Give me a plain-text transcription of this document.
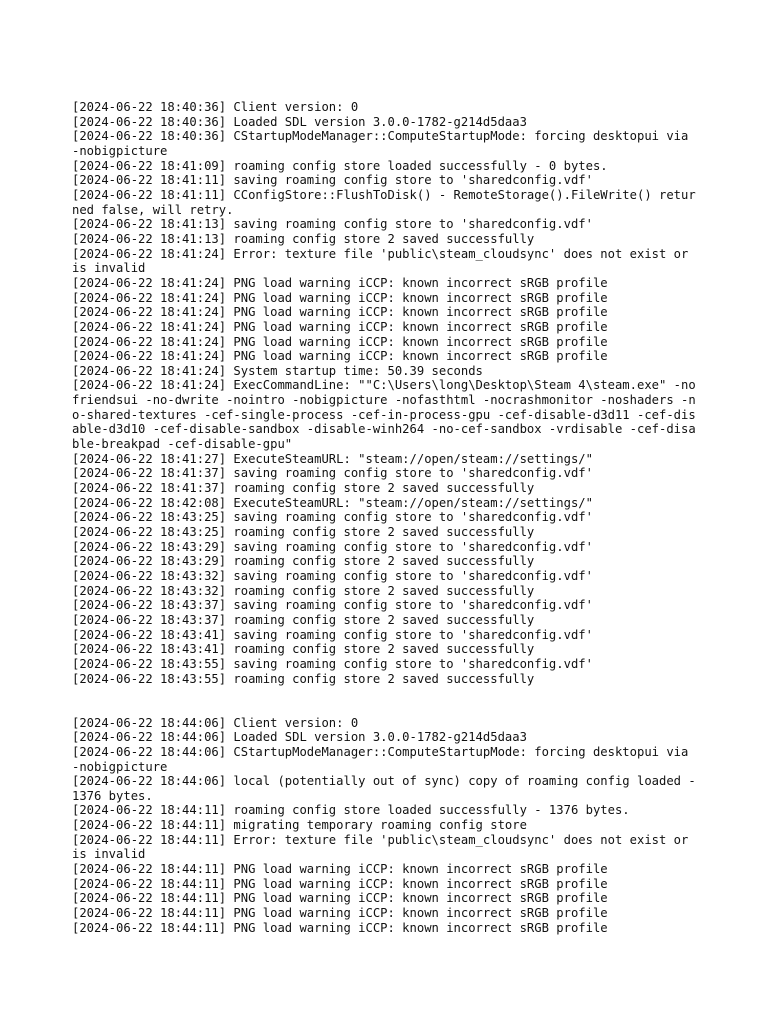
[2024-06-22 18:40:36] Client version: 0
[2024-06-22 18:40:36] Loaded SDL version 3.0.0-1782-g214d5daa3
[2024-06-22 18:40:36] CStartupModeManager::ComputeStartupMode: forcing desktopui via -nobigpicture
[2024-06-22 18:41:09] roaming config store loaded successfully - 0 bytes.
[2024-06-22 18:41:11] saving roaming config store to 'sharedconfig.vdf'
[2024-06-22 18:41:11] CConfigStore::FlushToDisk() - RemoteStorage().FileWrite() returned false, will retry.
[2024-06-22 18:41:13] saving roaming config store to 'sharedconfig.vdf'
[2024-06-22 18:41:13] roaming config store 2 saved successfully
[2024-06-22 18:41:24] Error: texture file 'public\steam_cloudsync' does not exist or is invalid
[2024-06-22 18:41:24] PNG load warning iCCP: known incorrect sRGB profile
[2024-06-22 18:41:24] PNG load warning iCCP: known incorrect sRGB profile
[2024-06-22 18:41:24] PNG load warning iCCP: known incorrect sRGB profile
[2024-06-22 18:41:24] PNG load warning iCCP: known incorrect sRGB profile
[2024-06-22 18:41:24] PNG load warning iCCP: known incorrect sRGB profile
[2024-06-22 18:41:24] PNG load warning iCCP: known incorrect sRGB profile
[2024-06-22 18:41:24] System startup time: 50.39 seconds
[2024-06-22 18:41:24] ExecCommandLine: ""C:\Users\long\Desktop\Steam 4\steam.exe" -nofriendsui -no-dwrite -nointro -nobigpicture -nofasthtml -nocrashmonitor -noshaders -no-shared-textures -cef-single-process -cef-in-process-gpu -cef-disable-d3d11 -cef-disable-d3d10 -cef-disable-sandbox -disable-winh264 -no-cef-sandbox -vrdisable -cef-disable-breakpad -cef-disable-gpu"
[2024-06-22 18:41:27] ExecuteSteamURL: "steam://open/steam://settings/"
[2024-06-22 18:41:37] saving roaming config store to 'sharedconfig.vdf'
[2024-06-22 18:41:37] roaming config store 2 saved successfully
[2024-06-22 18:42:08] ExecuteSteamURL: "steam://open/steam://settings/"
[2024-06-22 18:43:25] saving roaming config store to 'sharedconfig.vdf'
[2024-06-22 18:43:25] roaming config store 2 saved successfully
[2024-06-22 18:43:29] saving roaming config store to 'sharedconfig.vdf'
[2024-06-22 18:43:29] roaming config store 2 saved successfully
[2024-06-22 18:43:32] saving roaming config store to 'sharedconfig.vdf'
[2024-06-22 18:43:32] roaming config store 2 saved successfully
[2024-06-22 18:43:37] saving roaming config store to 'sharedconfig.vdf'
[2024-06-22 18:43:37] roaming config store 2 saved successfully
[2024-06-22 18:43:41] saving roaming config store to 'sharedconfig.vdf'
[2024-06-22 18:43:41] roaming config store 2 saved successfully
[2024-06-22 18:43:55] saving roaming config store to 'sharedconfig.vdf'
[2024-06-22 18:43:55] roaming config store 2 saved successfully
[2024-06-22 18:44:06] Client version: 0
[2024-06-22 18:44:06] Loaded SDL version 3.0.0-1782-g214d5daa3
[2024-06-22 18:44:06] CStartupModeManager::ComputeStartupMode: forcing desktopui via -nobigpicture
[2024-06-22 18:44:06] local (potentially out of sync) copy of roaming config loaded - 1376 bytes.
[2024-06-22 18:44:11] roaming config store loaded successfully - 1376 bytes.
[2024-06-22 18:44:11] migrating temporary roaming config store
[2024-06-22 18:44:11] Error: texture file 'public\steam_cloudsync' does not exist or is invalid
[2024-06-22 18:44:11] PNG load warning iCCP: known incorrect sRGB profile
[2024-06-22 18:44:11] PNG load warning iCCP: known incorrect sRGB profile
[2024-06-22 18:44:11] PNG load warning iCCP: known incorrect sRGB profile
[2024-06-22 18:44:11] PNG load warning iCCP: known incorrect sRGB profile
[2024-06-22 18:44:11] PNG load warning iCCP: known incorrect sRGB profile
